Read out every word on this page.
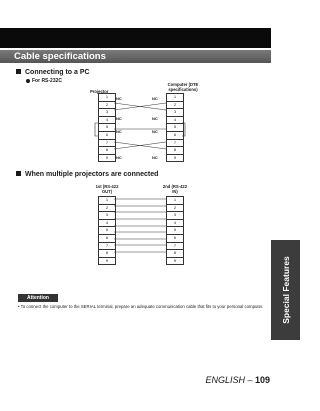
Cable specifications
Connecting to a PC
For RS-232C
Projector
Computer (DTE specifications)
1
2
3
4
5
6
7
8
9
1
2
3
4
5
6
7
8
9
NC	NC
NC	NC
NC	NC
NC	NC
When multiple projectors are connected
1st (RS-422 OUT)
2nd (RS-422 IN)
1
2
3
4
5
6
7
8
9
1
2
3
4
5
6
7
8
9
Attention
• To connect the computer to the SERIAL terminal, prepare an adequate communication cable that fits to your personal computer.	Special Features
ENGLISH – 109
